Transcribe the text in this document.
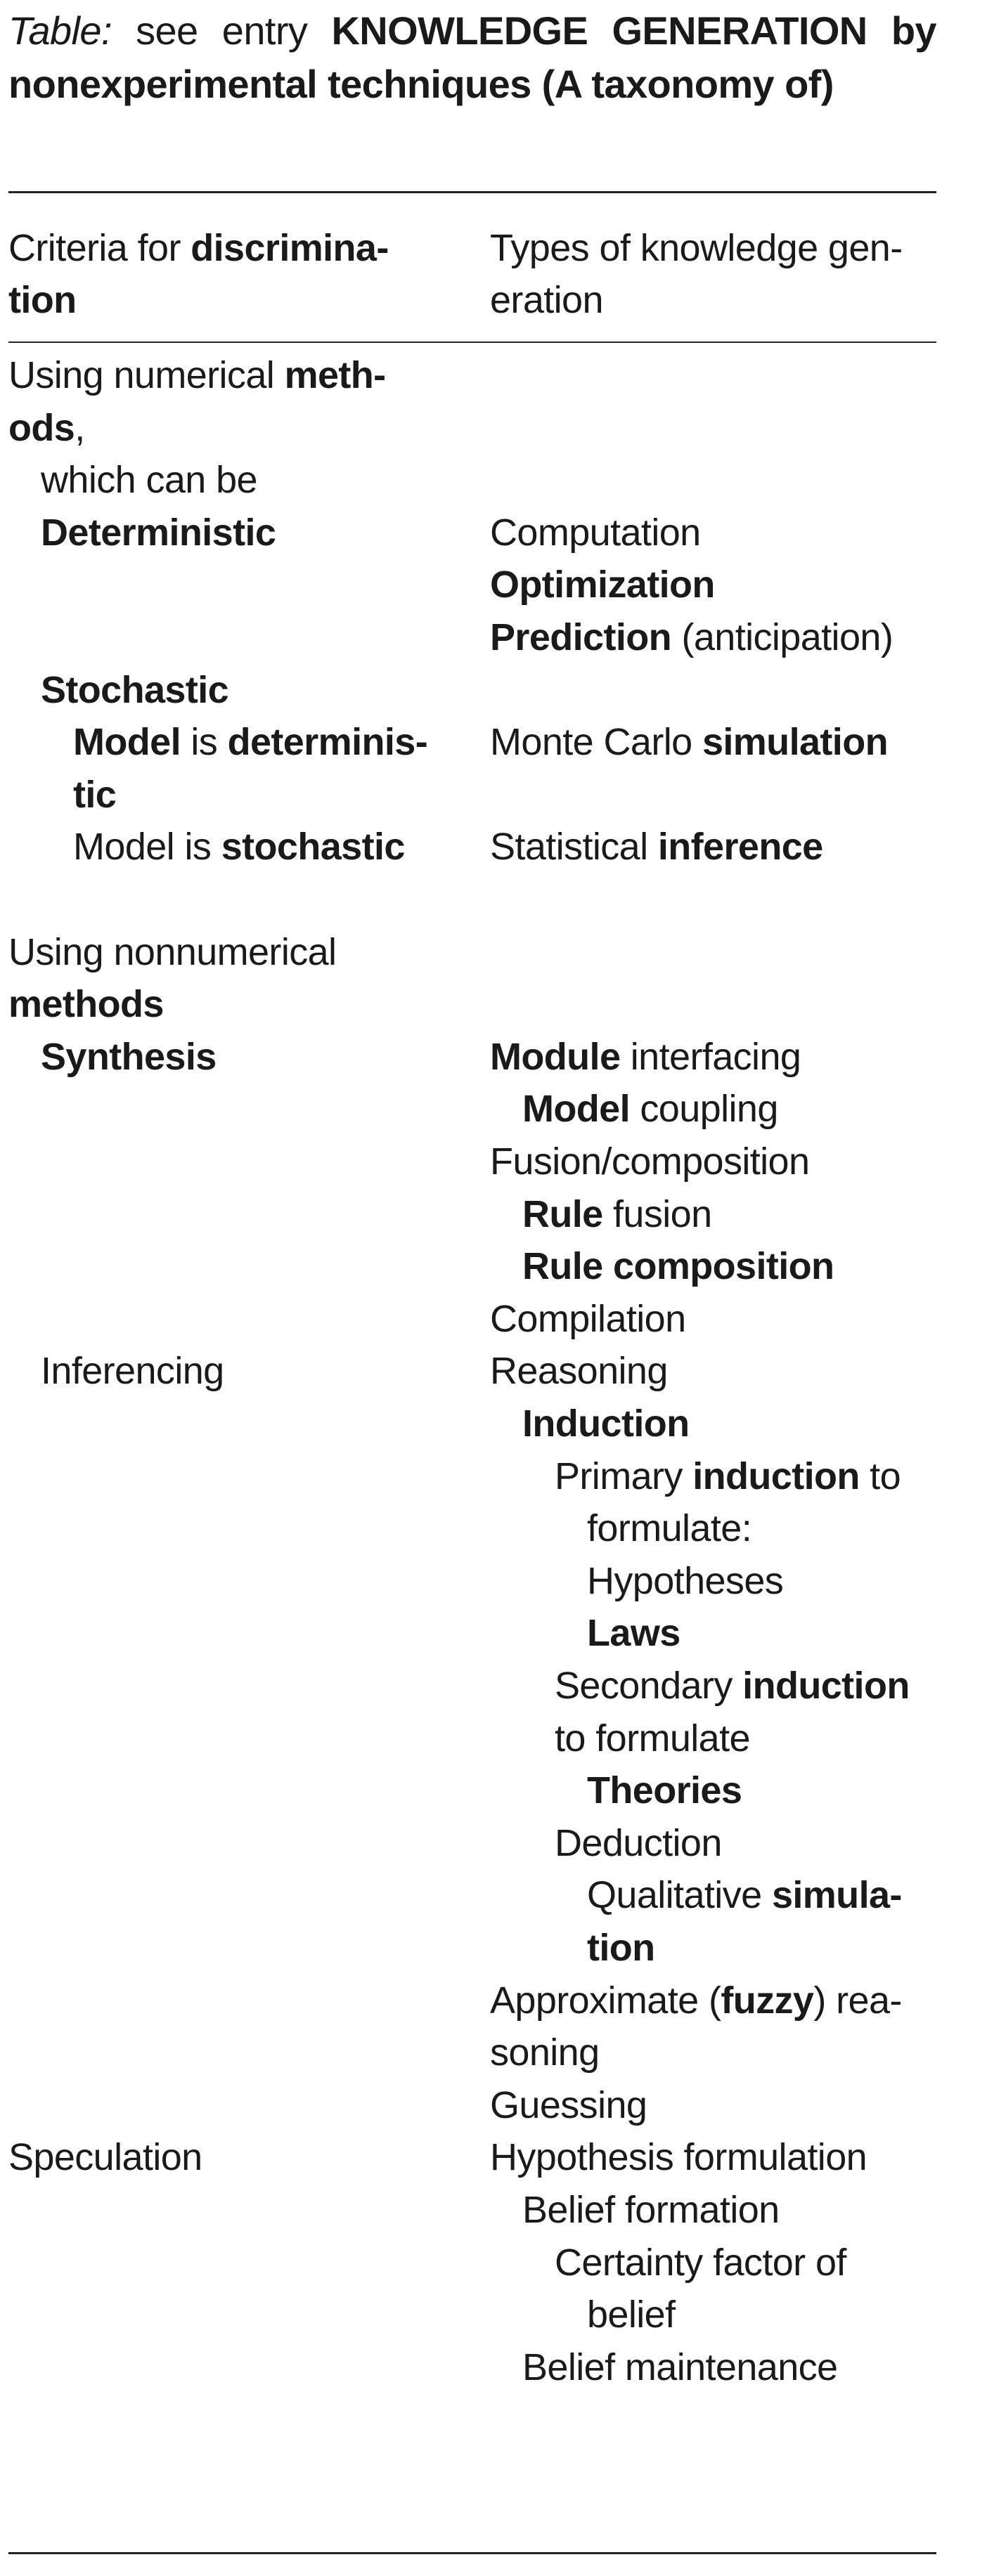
Table: see entry KNOWLEDGE GENERATION by nonexperimental techniques (A taxonomy of)
Criteria for discrimina-
tion
Types of knowledge gen-
eration
Using numerical meth-
ods,
which can be
Deterministic
Stochastic
Model is determinis-
tic
Model is stochastic
Using nonnumerical
methods
Synthesis
Inferencing
Speculation
Computation
Optimization
Prediction (anticipation)
Monte Carlo simulation
Statistical inference
Module interfacing
Model coupling
Fusion/composition
Rule fusion
Rule composition
Compilation
Reasoning
Induction
Primary induction to
formulate:
Hypotheses
Laws
Secondary induction
to formulate
Theories
Deduction
Qualitative simula-
tion
Approximate (fuzzy) rea-
soning
Guessing
Hypothesis formulation
Belief formation
Certainty factor of
belief
Belief maintenance
